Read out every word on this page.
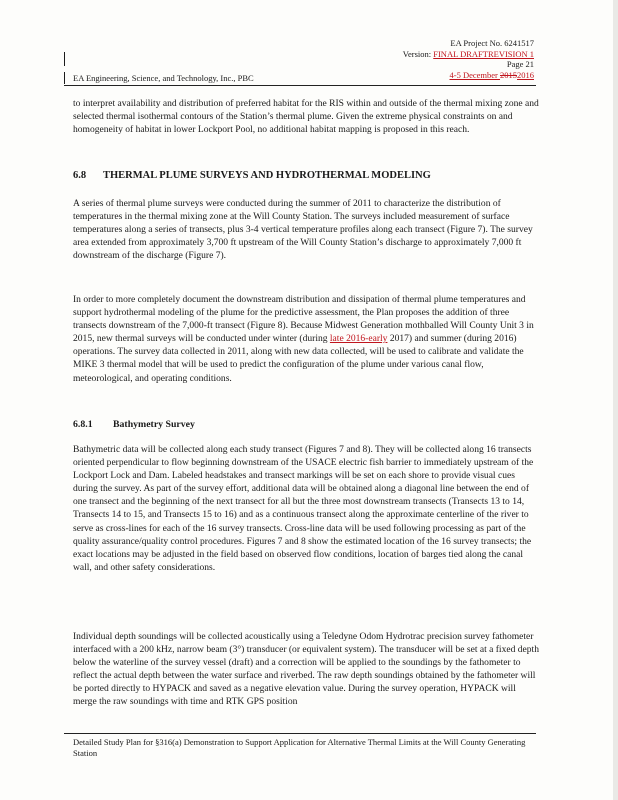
EA Project No. 6241517
Version: FINAL DRAFTREVISION 1
Page 21
4-5 December 20152016
EA Engineering, Science, and Technology, Inc., PBC

to interpret availability and distribution of preferred habitat for the RIS within and outside of the thermal mixing zone and selected thermal isothermal contours of the Station’s thermal plume. Given the extreme physical constraints on and homogeneity of habitat in lower Lockport Pool, no additional habitat mapping is proposed in this reach.

6.8 THERMAL PLUME SURVEYS AND HYDROTHERMAL MODELING

A series of thermal plume surveys were conducted during the summer of 2011 to characterize the distribution of temperatures in the thermal mixing zone at the Will County Station. The surveys included measurement of surface temperatures along a series of transects, plus 3-4 vertical temperature profiles along each transect (Figure 7). The survey area extended from approximately 3,700 ft upstream of the Will County Station’s discharge to approximately 7,000 ft downstream of the discharge (Figure 7).

In order to more completely document the downstream distribution and dissipation of thermal plume temperatures and support hydrothermal modeling of the plume for the predictive assessment, the Plan proposes the addition of three transects downstream of the 7,000-ft transect (Figure 8). Because Midwest Generation mothballed Will County Unit 3 in 2015, new thermal surveys will be conducted under winter (during late 2016-early 2017) and summer (during 2016) operations. The survey data collected in 2011, along with new data collected, will be used to calibrate and validate the MIKE 3 thermal model that will be used to predict the configuration of the plume under various canal flow, meteorological, and operating conditions.

6.8.1 Bathymetry Survey

Bathymetric data will be collected along each study transect (Figures 7 and 8). They will be collected along 16 transects oriented perpendicular to flow beginning downstream of the USACE electric fish barrier to immediately upstream of the Lockport Lock and Dam. Labeled headstakes and transect markings will be set on each shore to provide visual cues during the survey. As part of the survey effort, additional data will be obtained along a diagonal line between the end of one transect and the beginning of the next transect for all but the three most downstream transects (Transects 13 to 14, Transects 14 to 15, and Transects 15 to 16) and as a continuous transect along the approximate centerline of the river to serve as cross-lines for each of the 16 survey transects. Cross-line data will be used following processing as part of the quality assurance/quality control procedures. Figures 7 and 8 show the estimated location of the 16 survey transects; the exact locations may be adjusted in the field based on observed flow conditions, location of barges tied along the canal wall, and other safety considerations.

Individual depth soundings will be collected acoustically using a Teledyne Odom Hydrotrac precision survey fathometer interfaced with a 200 kHz, narrow beam (3°) transducer (or equivalent system). The transducer will be set at a fixed depth below the waterline of the survey vessel (draft) and a correction will be applied to the soundings by the fathometer to reflect the actual depth between the water surface and riverbed. The raw depth soundings obtained by the fathometer will be ported directly to HYPACK and saved as a negative elevation value. During the survey operation, HYPACK will merge the raw soundings with time and RTK GPS position

Detailed Study Plan for §316(a) Demonstration to Support Application for Alternative Thermal Limits at the Will County Generating Station
